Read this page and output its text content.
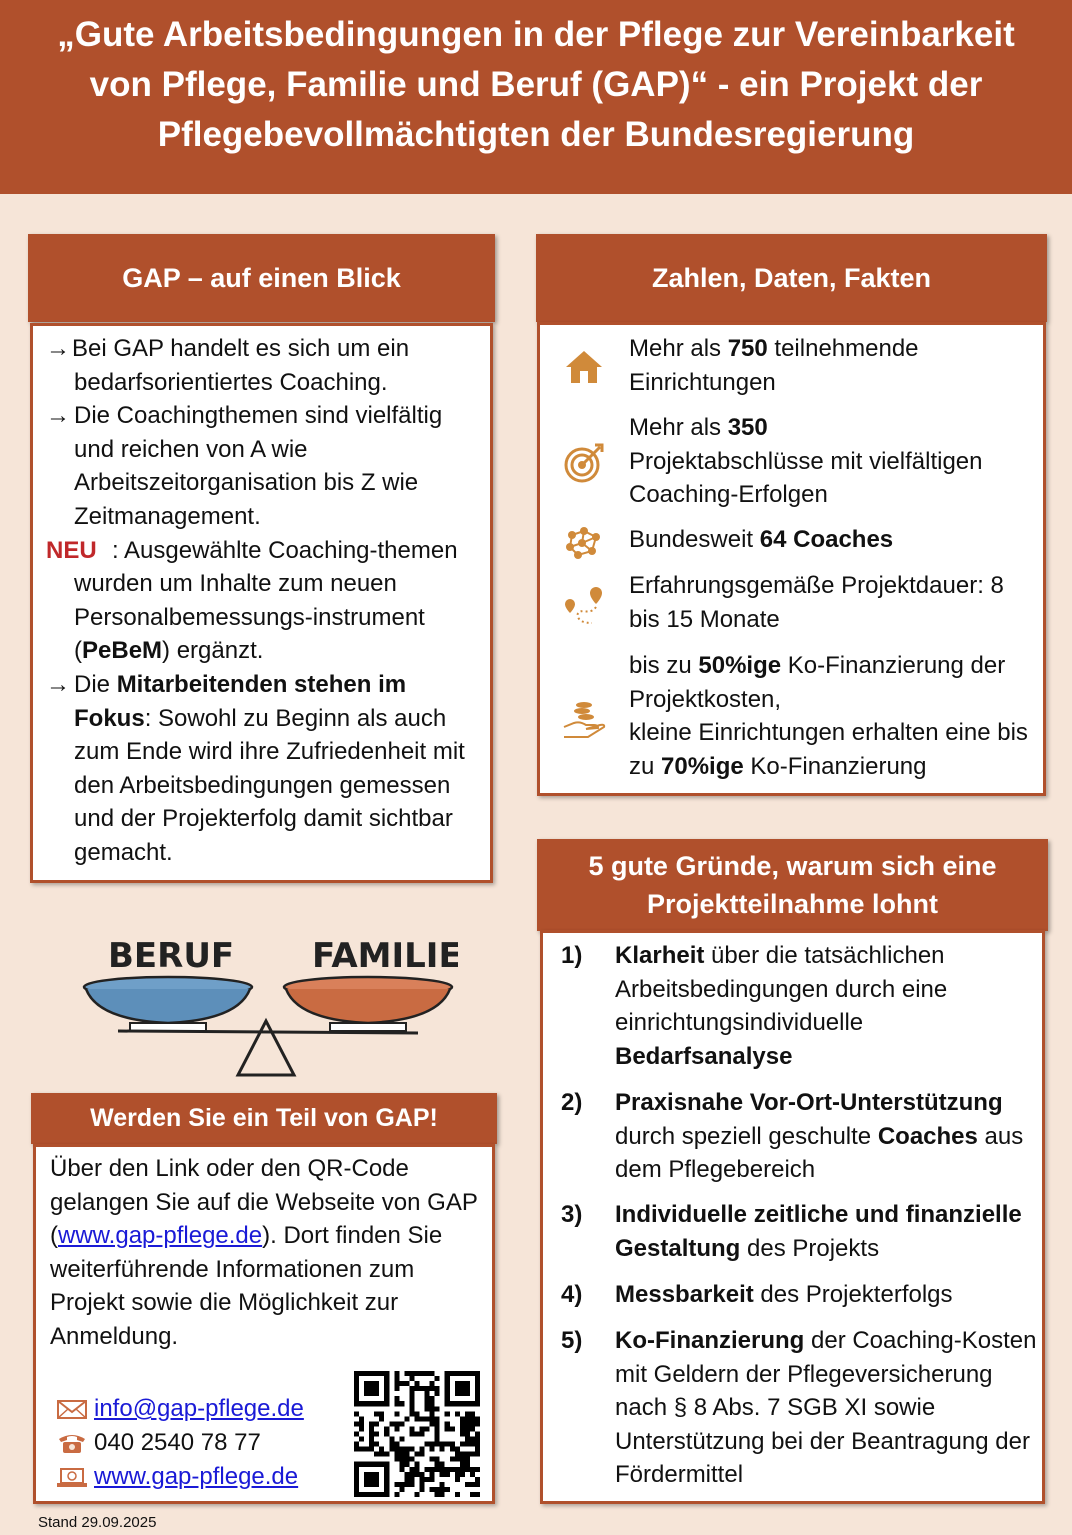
„Gute Arbeitsbedingungen in der Pflege zur Vereinbarkeit
von Pflege, Familie und Beruf (GAP)“ - ein Projekt der
Pflegebevollmächtigten der Bundesregierung
GAP – auf einen Blick
→ Bei GAP handelt es sich um ein bedarfsorientiertes Coaching.
→ Die Coachingthemen sind vielfältig und reichen von A wie Arbeitszeitorganisation bis Z wie Zeitmanagement.
NEU : Ausgewählte Coaching-themen wurden um Inhalte zum neuen Personalbemessungs-instrument (PeBeM) ergänzt.
→ Die Mitarbeitenden stehen im Fokus: Sowohl zu Beginn als auch zum Ende wird ihre Zufriedenheit mit den Arbeitsbedingungen gemessen und der Projekterfolg damit sichtbar gemacht.
BERUF FAMILIE
Werden Sie ein Teil von GAP!
Über den Link oder den QR-Code gelangen Sie auf die Webseite von GAP (www.gap-pflege.de). Dort finden Sie weiterführende Informationen zum Projekt sowie die Möglichkeit zur Anmeldung.
info@gap-pflege.de
040 2540 78 77
www.gap-pflege.de
Zahlen, Daten, Fakten
Mehr als 750 teilnehmende Einrichtungen
Mehr als 350
Projektabschlüsse mit vielfältigen Coaching-Erfolgen
Bundesweit 64 Coaches
Erfahrungsgemäße Projektdauer: 8 bis 15 Monate
bis zu 50%ige Ko-Finanzierung der Projektkosten,
kleine Einrichtungen erhalten eine bis zu 70%ige Ko-Finanzierung
5 gute Gründe, warum sich eine
Projektteilnahme lohnt
1) Klarheit über die tatsächlichen Arbeitsbedingungen durch eine einrichtungsindividuelle Bedarfsanalyse
2) Praxisnahe Vor-Ort-Unterstützung durch speziell geschulte Coaches aus dem Pflegebereich
3) Individuelle zeitliche und finanzielle Gestaltung des Projekts
4) Messbarkeit des Projekterfolgs
5) Ko-Finanzierung der Coaching-Kosten mit Geldern der Pflegeversicherung nach § 8 Abs. 7 SGB XI sowie Unterstützung bei der Beantragung der Fördermittel
Stand 29.09.2025
